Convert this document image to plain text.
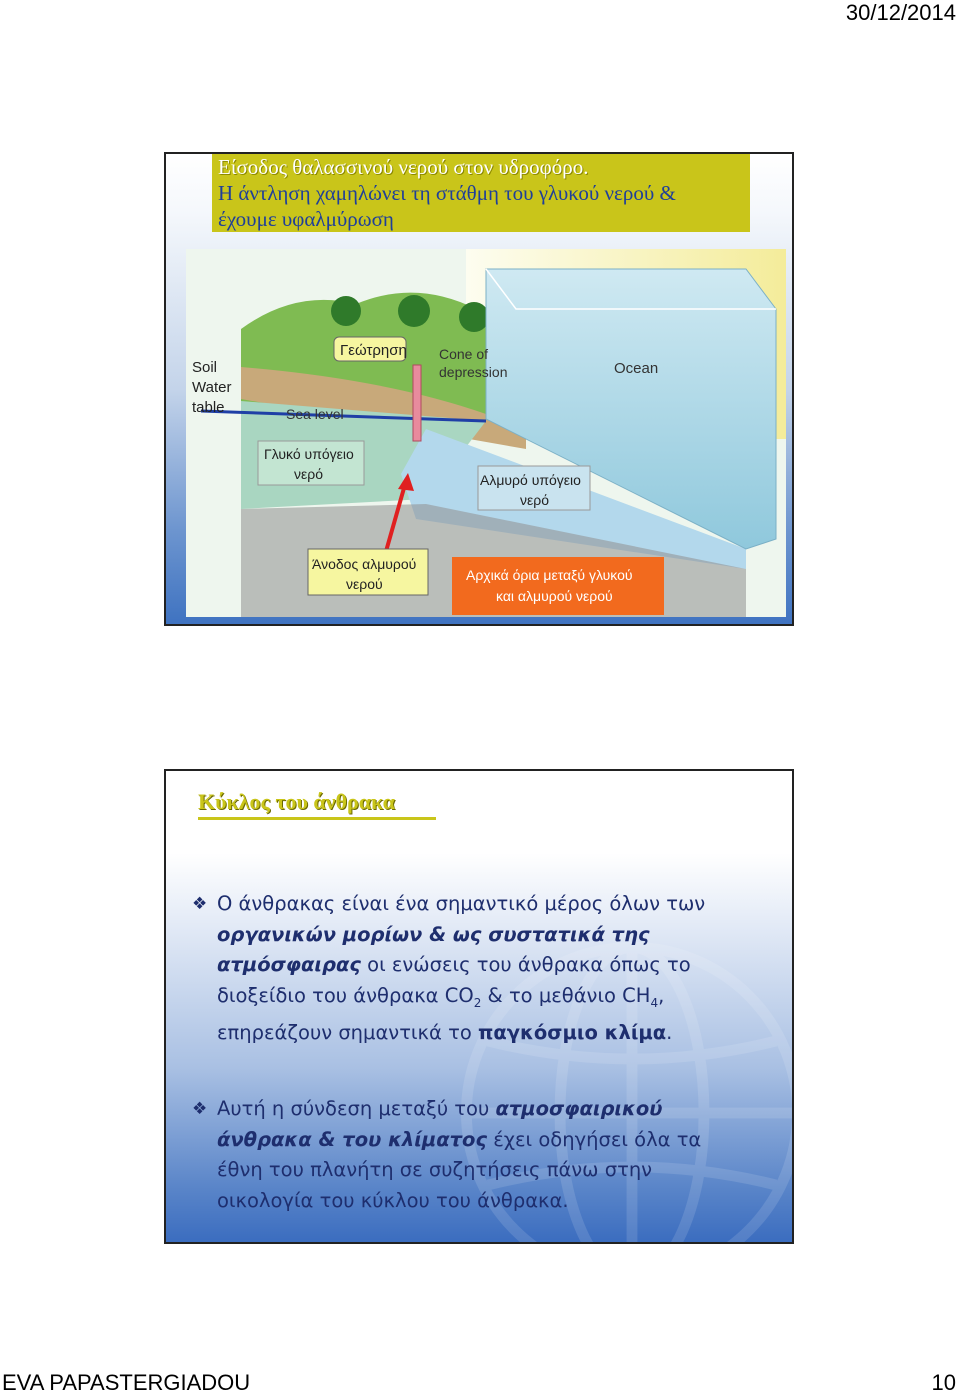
30/12/2014
Είσοδος θαλασσινού νερού στον υδροφόρο.
Η άντληση χαμηλώνει τη στάθμη του γλυκού νερού &
έχουμε υφαλμύρωση
Soil
Water
table
Γεώτρηση Cone of
depression	Ocean
Sea level
Γλυκό υπόγειο
νερό	Αλμυρό υπόγειο
νερό
Άνοδος αλμυρού
νερού
Αρχικά όρια μεταξύ γλυκού
και αλμυρού νερού
Κύκλος του άνθρακα
❖ Ο άνθρακας είναι ένα σημαντικό μέρος όλων των
οργανικών μορίων & ως συστατικά της
ατμόσφαιρας οι ενώσεις του άνθρακα όπως το
διοξείδιο του άνθρακα $CO_2$ & το μεθάνιο $CH_4$,
επηρεάζουν σημαντικά το παγκόσμιο κλίμα.
❖ Αυτή η σύνδεση μεταξύ του ατμοσφαιρικού
άνθρακα & του κλίματος έχει οδηγήσει όλα τα
έθνη του πλανήτη σε συζητήσεις πάνω στην
οικολογία του κύκλου του άνθρακα.
EVA PAPASTERGIADOU	10
